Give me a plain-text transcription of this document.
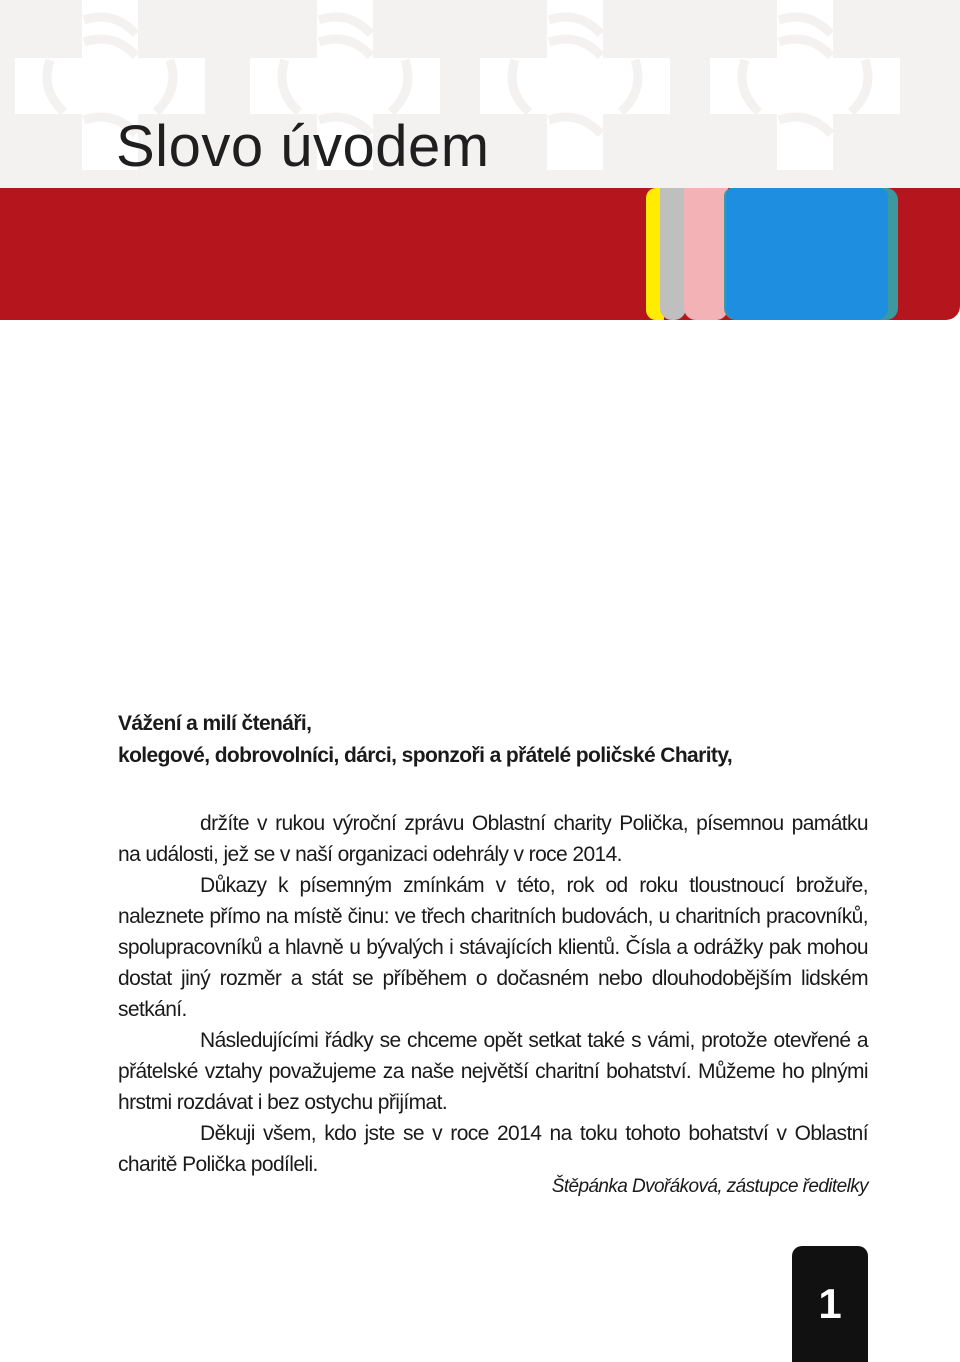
Slovo úvodem

Vážení a milí čtenáři,
kolegové, dobrovolníci, dárci, sponzoři a přátelé poličské Charity,

držíte v rukou výroční zprávu Oblastní charity Polička, písemnou památku na události, jež se v naší organizaci odehrály v roce 2014.

Důkazy k písemným zmínkám v této, rok od roku tloustnoucí brožuře, naleznete přímo na místě činu: ve třech charitních budovách, u charitních pracovníků, spolupracovníků a hlavně u bývalých i stávajících klientů. Čísla a odrážky pak mohou dostat jiný rozměr a stát se příběhem o dočasném nebo dlouhodobějším lidském setkání.

Následujícími řádky se chceme opět setkat také s vámi, protože otevřené a přátelské vztahy považujeme za naše největší charitní bohatství. Můžeme ho plnými hrstmi rozdávat i bez ostychu přijímat.

Děkuji všem, kdo jste se v roce 2014 na toku tohoto bohatství v Oblastní charitě Polička podíleli.

Štěpánka Dvořáková, zástupce ředitelky
1
